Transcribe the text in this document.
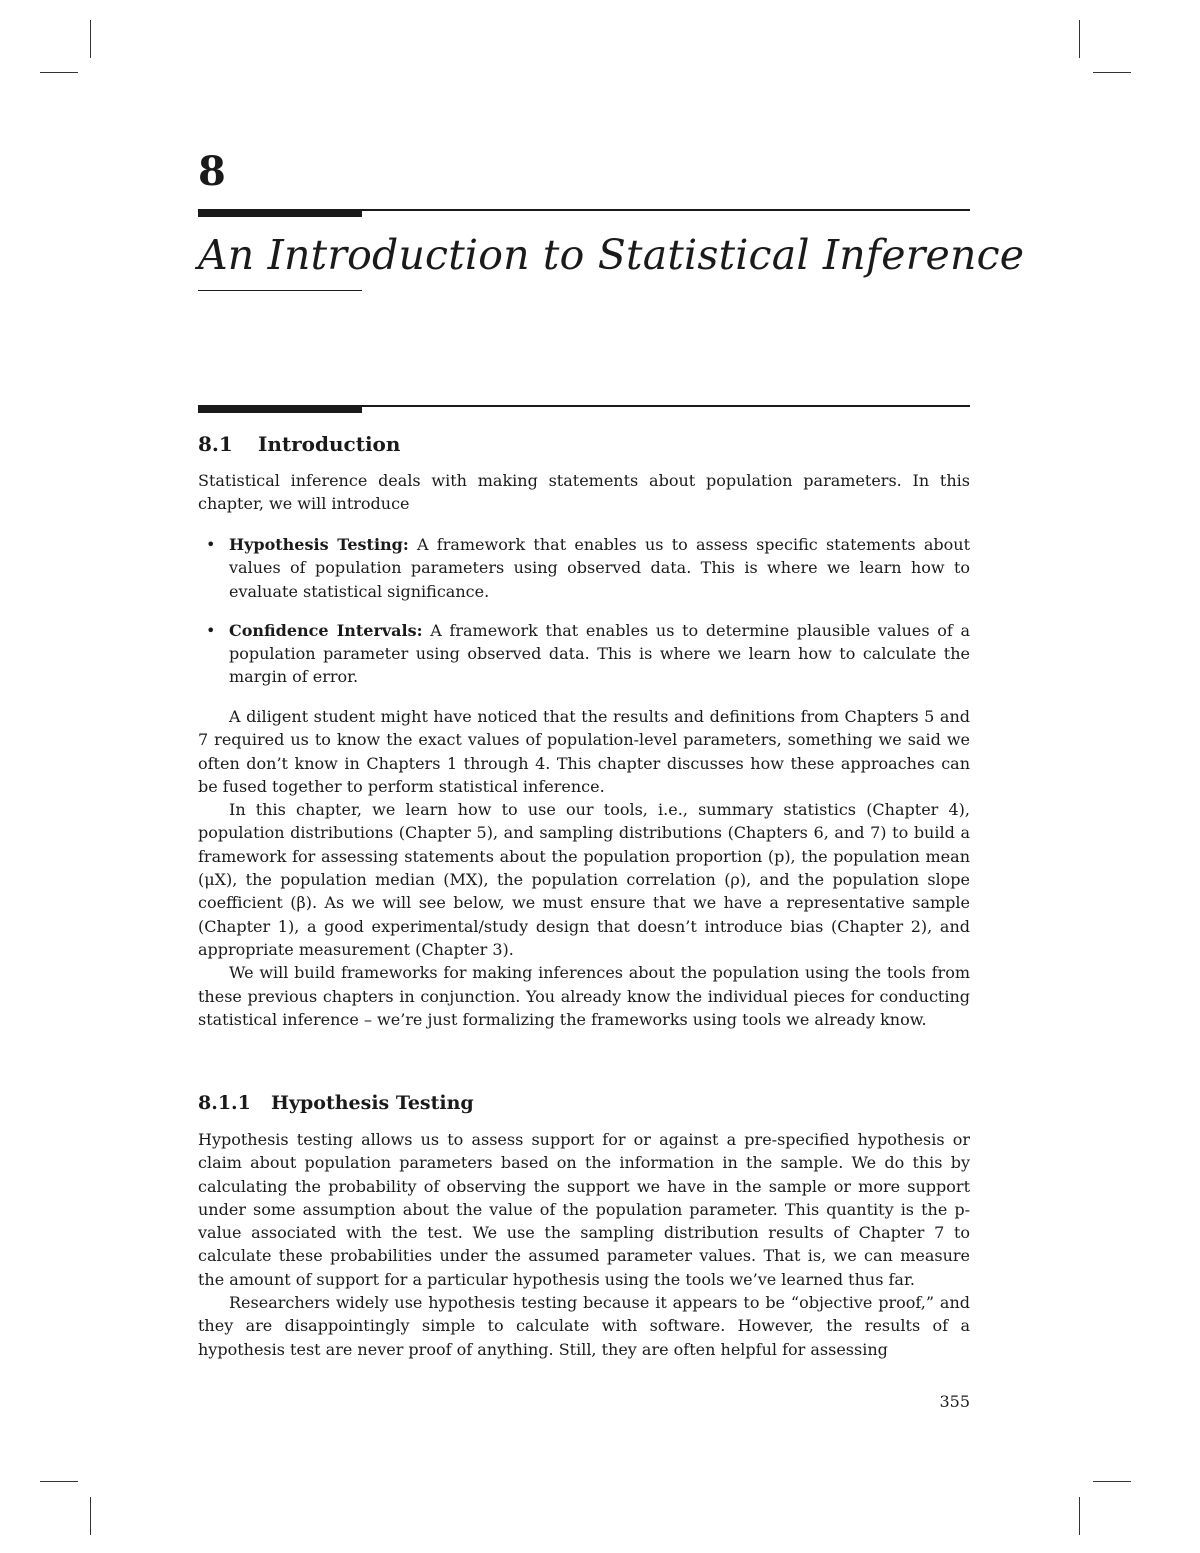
8
An Introduction to Statistical Inference
8.1 Introduction

Statistical inference deals with making statements about population parameters. In this chapter, we will introduce

• Hypothesis Testing: A framework that enables us to assess specific statements about values of population parameters using observed data. This is where we learn how to evaluate statistical significance.
• Confidence Intervals: A framework that enables us to determine plausible values of a population parameter using observed data. This is where we learn how to calculate the margin of error.

A diligent student might have noticed that the results and definitions from Chapters 5 and 7 required us to know the exact values of population-level parameters, something we said we often don’t know in Chapters 1 through 4. This chapter discusses how these approaches can be fused together to perform statistical inference.

In this chapter, we learn how to use our tools, i.e., summary statistics (Chapter 4), population distributions (Chapter 5), and sampling distributions (Chapters 6, and 7) to build a framework for assessing statements about the population proportion (p), the population mean (μX), the population median (MX), the population correlation (ρ), and the population slope coefficient (β). As we will see below, we must ensure that we have a representative sample (Chapter 1), a good experimental/study design that doesn’t introduce bias (Chapter 2), and appropriate measurement (Chapter 3).

We will build frameworks for making inferences about the population using the tools from these previous chapters in conjunction. You already know the individual pieces for conducting statistical inference – we’re just formalizing the frameworks using tools we already know.

8.1.1 Hypothesis Testing

Hypothesis testing allows us to assess support for or against a pre-specified hypothesis or claim about population parameters based on the information in the sample. We do this by calculating the probability of observing the support we have in the sample or more support under some assumption about the value of the population parameter. This quantity is the p-value associated with the test. We use the sampling distribution results of Chapter 7 to calculate these probabilities under the assumed parameter values. That is, we can measure the amount of support for a particular hypothesis using the tools we’ve learned thus far.

Researchers widely use hypothesis testing because it appears to be “objective proof,” and they are disappointingly simple to calculate with software. However, the results of a hypothesis test are never proof of anything. Still, they are often helpful for assessing

355
